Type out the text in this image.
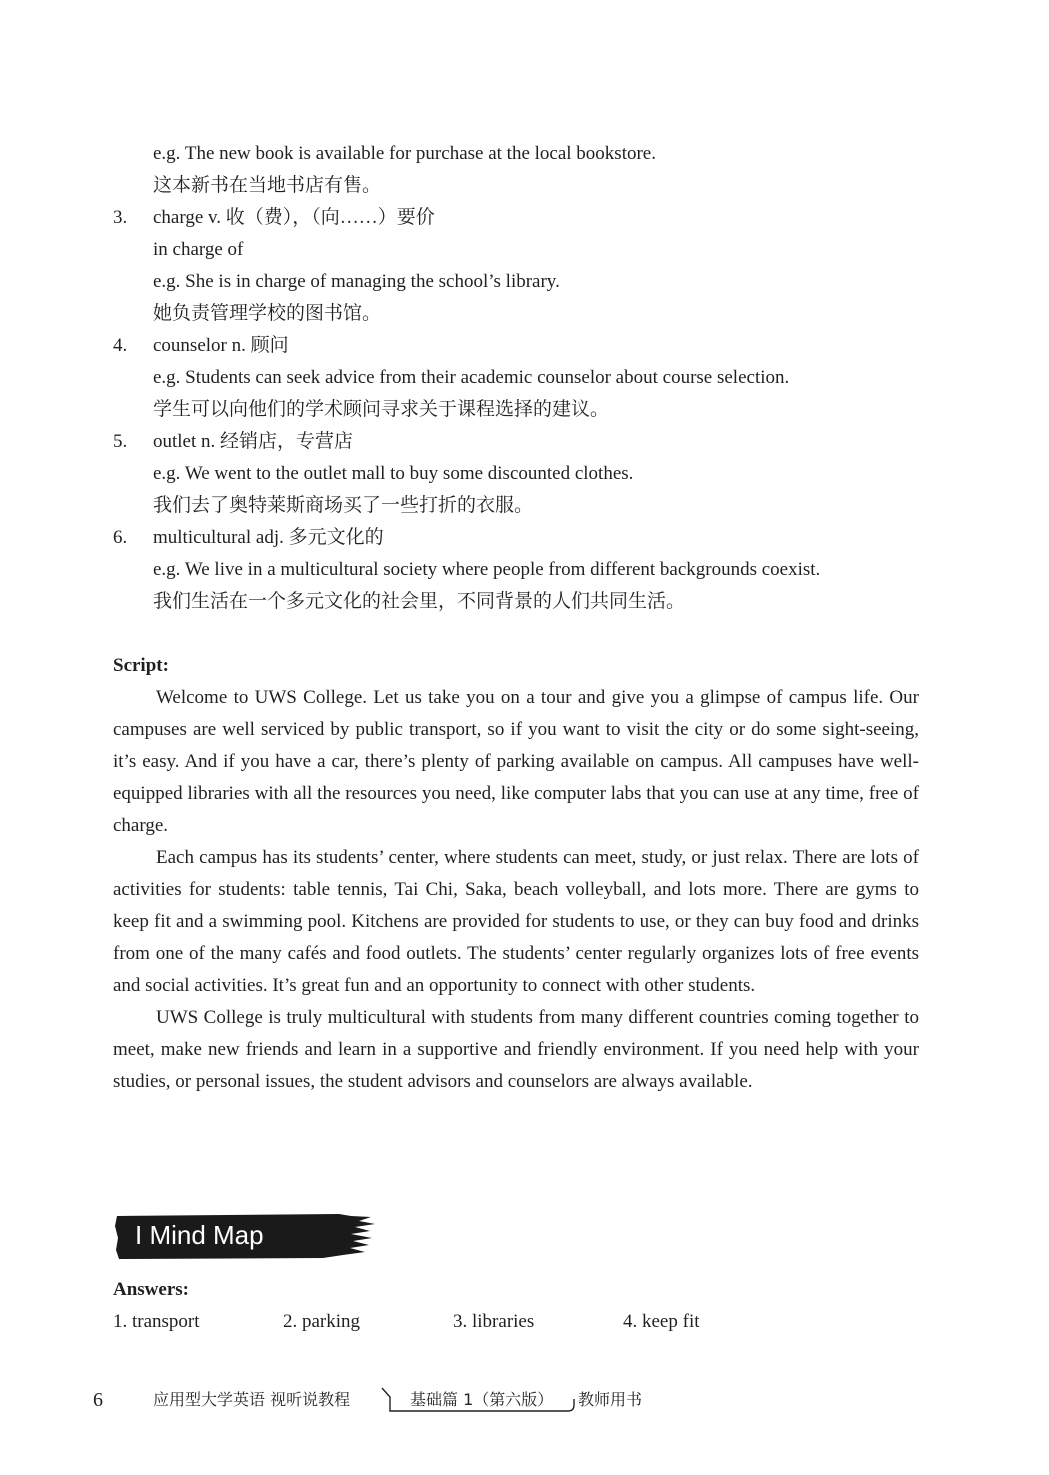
e.g. The new book is available for purchase at the local bookstore.
这本新书在当地书店有售。
3. charge v. 收（费），（向……）要价
in charge of
e.g. She is in charge of managing the school’s library.
她负责管理学校的图书馆。
4. counselor n. 顾问
e.g. Students can seek advice from their academic counselor about course selection.
学生可以向他们的学术顾问寻求关于课程选择的建议。
5. outlet n. 经销店，专营店
e.g. We went to the outlet mall to buy some discounted clothes.
我们去了奥特莱斯商场买了一些打折的衣服。
6. multicultural adj. 多元文化的
e.g. We live in a multicultural society where people from different backgrounds coexist.
我们生活在一个多元文化的社会里，不同背景的人们共同生活。
Script:

Welcome to UWS College. Let us take you on a tour and give you a glimpse of campus life. Our campuses are well serviced by public transport, so if you want to visit the city or do some sight-seeing, it’s easy. And if you have a car, there’s plenty of parking available on campus. All campuses have well-equipped libraries with all the resources you need, like computer labs that you can use at any time, free of charge.

Each campus has its students’ center, where students can meet, study, or just relax. There are lots of activities for students: table tennis, Tai Chi, Saka, beach volleyball, and lots more. There are gyms to keep fit and a swimming pool. Kitchens are provided for students to use, or they can buy food and drinks from one of the many cafés and food outlets. The students’ center regularly organizes lots of free events and social activities. It’s great fun and an opportunity to connect with other students.

UWS College is truly multicultural with students from many different countries coming together to meet, make new friends and learn in a supportive and friendly environment. If you need help with your studies, or personal issues, the student advisors and counselors are always available.

I Mind Map
Answers:
1. transport	2. parking	3. libraries	4. keep fit
6	应用型大学英语 视听说教程	基础篇 1（第六版） 教师用书
